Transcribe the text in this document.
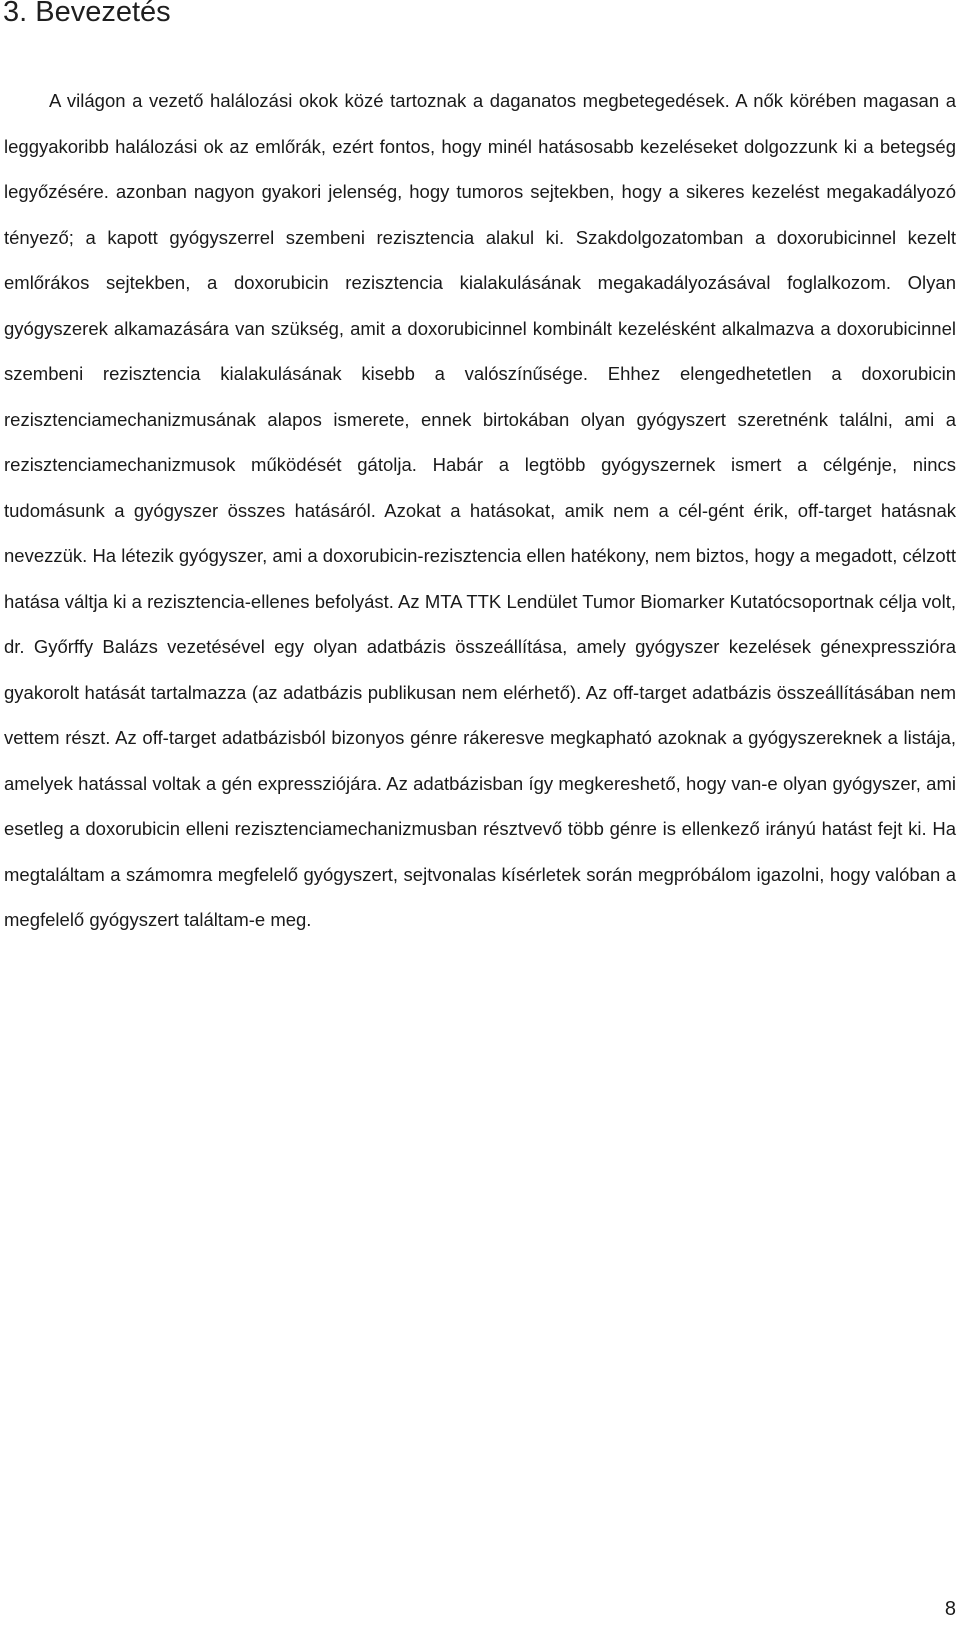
3. Bevezetés

A világon a vezető halálozási okok közé tartoznak a daganatos megbetegedések. A nők körében magasan a leggyakoribb halálozási ok az emlőrák, ezért fontos, hogy minél hatásosabb kezeléseket dolgozzunk ki a betegség legyőzésére. azonban nagyon gyakori jelenség, hogy tumoros sejtekben, hogy a sikeres kezelést megakadályozó tényező; a kapott gyógyszerrel szembeni rezisztencia alakul ki. Szakdolgozatomban a doxorubicinnel kezelt emlőrákos sejtekben, a doxorubicin rezisztencia kialakulásának megakadályozásával foglalkozom. Olyan gyógyszerek alkamazására van szükség, amit a doxorubicinnel kombinált kezelésként alkalmazva a doxorubicinnel szembeni rezisztencia kialakulásának kisebb a valószínűsége. Ehhez elengedhetetlen a doxorubicin rezisztenciamechanizmusának alapos ismerete, ennek birtokában olyan gyógyszert szeretnénk találni, ami a rezisztenciamechanizmusok működését gátolja. Habár a legtöbb gyógyszernek ismert a célgénje, nincs tudomásunk a gyógyszer összes hatásáról. Azokat a hatásokat, amik nem a cél-gént érik, off-target hatásnak nevezzük. Ha létezik gyógyszer, ami a doxorubicin-rezisztencia ellen hatékony, nem biztos, hogy a megadott, célzott hatása váltja ki a rezisztencia-ellenes befolyást. Az MTA TTK Lendület Tumor Biomarker Kutatócsoportnak célja volt, dr. Győrffy Balázs vezetésével egy olyan adatbázis összeállítása, amely gyógyszer kezelések génexpresszióra gyakorolt hatását tartalmazza (az adatbázis publikusan nem elérhető). Az off-target adatbázis összeállításában nem vettem részt. Az off-target adatbázisból bizonyos génre rákeresve megkapható azoknak a gyógyszereknek a listája, amelyek hatással voltak a gén expressziójára. Az adatbázisban így megkereshető, hogy van-e olyan gyógyszer, ami esetleg a doxorubicin elleni rezisztenciamechanizmusban résztvevő több génre is ellenkező irányú hatást fejt ki. Ha megtaláltam a számomra megfelelő gyógyszert, sejtvonalas kísérletek során megpróbálom igazolni, hogy valóban a megfelelő gyógyszert találtam-e meg.

8
